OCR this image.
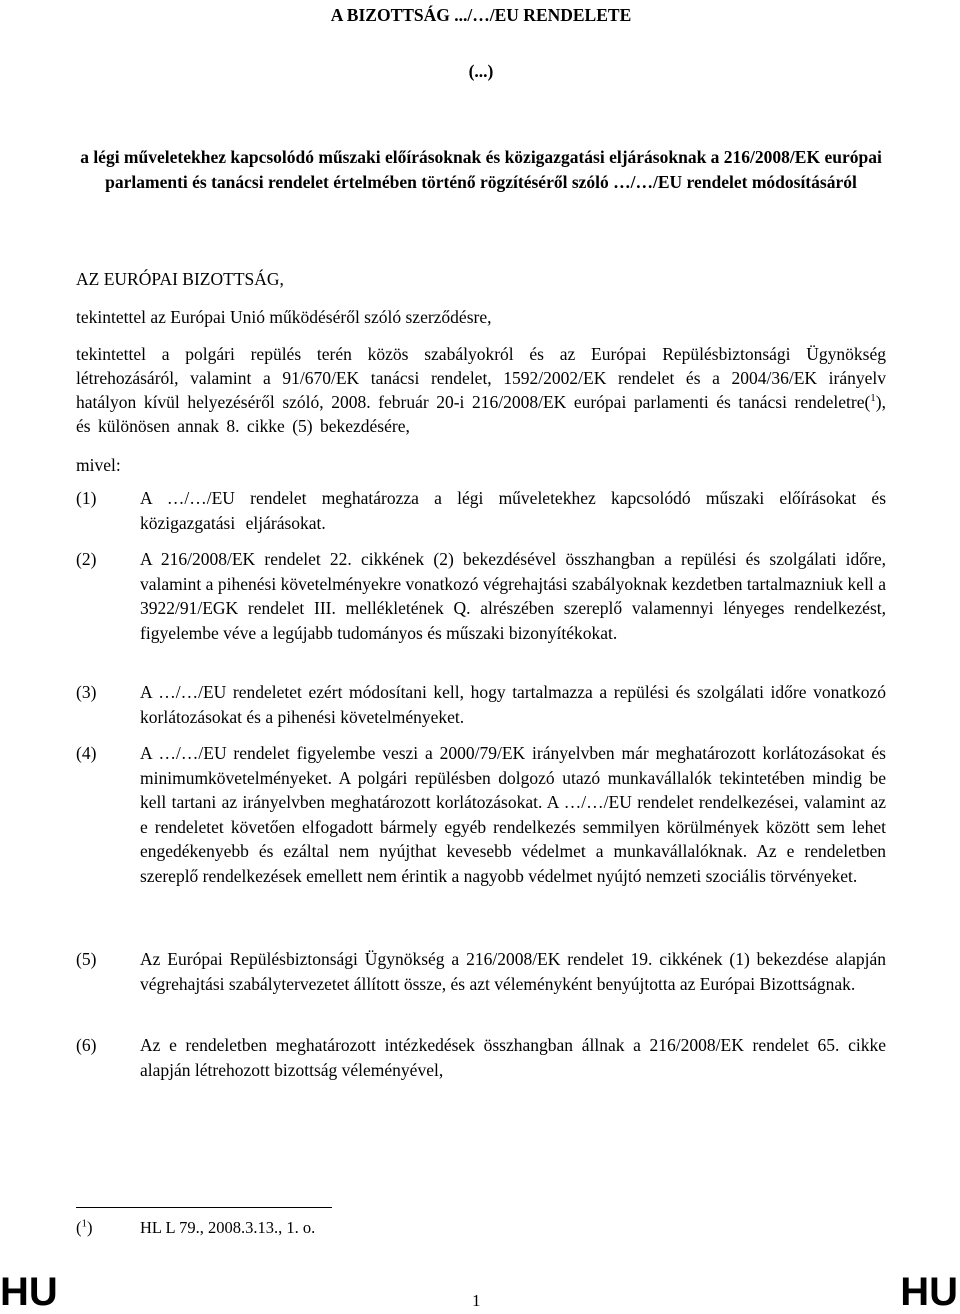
A BIZOTTSÁG .../…/EU RENDELETE
(...)
a légi műveletekhez kapcsolódó műszaki előírásoknak és közigazgatási eljárásoknak a 216/2008/EK európai parlamenti és tanácsi rendelet értelmében történő rögzítéséről szóló …/…/EU rendelet módosításáról
AZ EURÓPAI BIZOTTSÁG,
tekintettel az Európai Unió működéséről szóló szerződésre,
tekintettel a polgári repülés terén közös szabályokról és az Európai Repülésbiztonsági Ügynökség létrehozásáról, valamint a 91/670/EK tanácsi rendelet, 1592/2002/EK rendelet és a 2004/36/EK irányelv hatályon kívül helyezéséről szóló, 2008. február 20-i 216/2008/EK európai parlamenti és tanácsi rendeletre($^1$), és különösen annak 8. cikke (5) bekezdésére,
mivel:
(1) A …/…/EU rendelet meghatározza a légi műveletekhez kapcsolódó műszaki előírásokat és közigazgatási eljárásokat.
(2) A 216/2008/EK rendelet 22. cikkének (2) bekezdésével összhangban a repülési és szolgálati időre, valamint a pihenési követelményekre vonatkozó végrehajtási szabályoknak kezdetben tartalmazniuk kell a 3922/91/EGK rendelet III. mellékletének Q. alrészében szereplő valamennyi lényeges rendelkezést, figyelembe véve a legújabb tudományos és műszaki bizonyítékokat.
(3) A …/…/EU rendeletet ezért módosítani kell, hogy tartalmazza a repülési és szolgálati időre vonatkozó korlátozásokat és a pihenési követelményeket.
(4) A …/…/EU rendelet figyelembe veszi a 2000/79/EK irányelvben már meghatározott korlátozásokat és minimumkövetelményeket. A polgári repülésben dolgozó utazó munkavállalók tekintetében mindig be kell tartani az irányelvben meghatározott korlátozásokat. A …/…/EU rendelet rendelkezései, valamint az e rendeletet követően elfogadott bármely egyéb rendelkezés semmilyen körülmények között sem lehet engedékenyebb és ezáltal nem nyújthat kevesebb védelmet a munkavállalóknak. Az e rendeletben szereplő rendelkezések emellett nem érintik a nagyobb védelmet nyújtó nemzeti szociális törvényeket.
(5) Az Európai Repülésbiztonsági Ügynökség a 216/2008/EK rendelet 19. cikkének (1) bekezdése alapján végrehajtási szabálytervezetet állított össze, és azt véleményként benyújtotta az Európai Bizottságnak.
(6) Az e rendeletben meghatározott intézkedések összhangban állnak a 216/2008/EK rendelet 65. cikke alapján létrehozott bizottság véleményével,
($^1$)	HL L 79., 2008.3.13., 1. o.
HU	1	HU
